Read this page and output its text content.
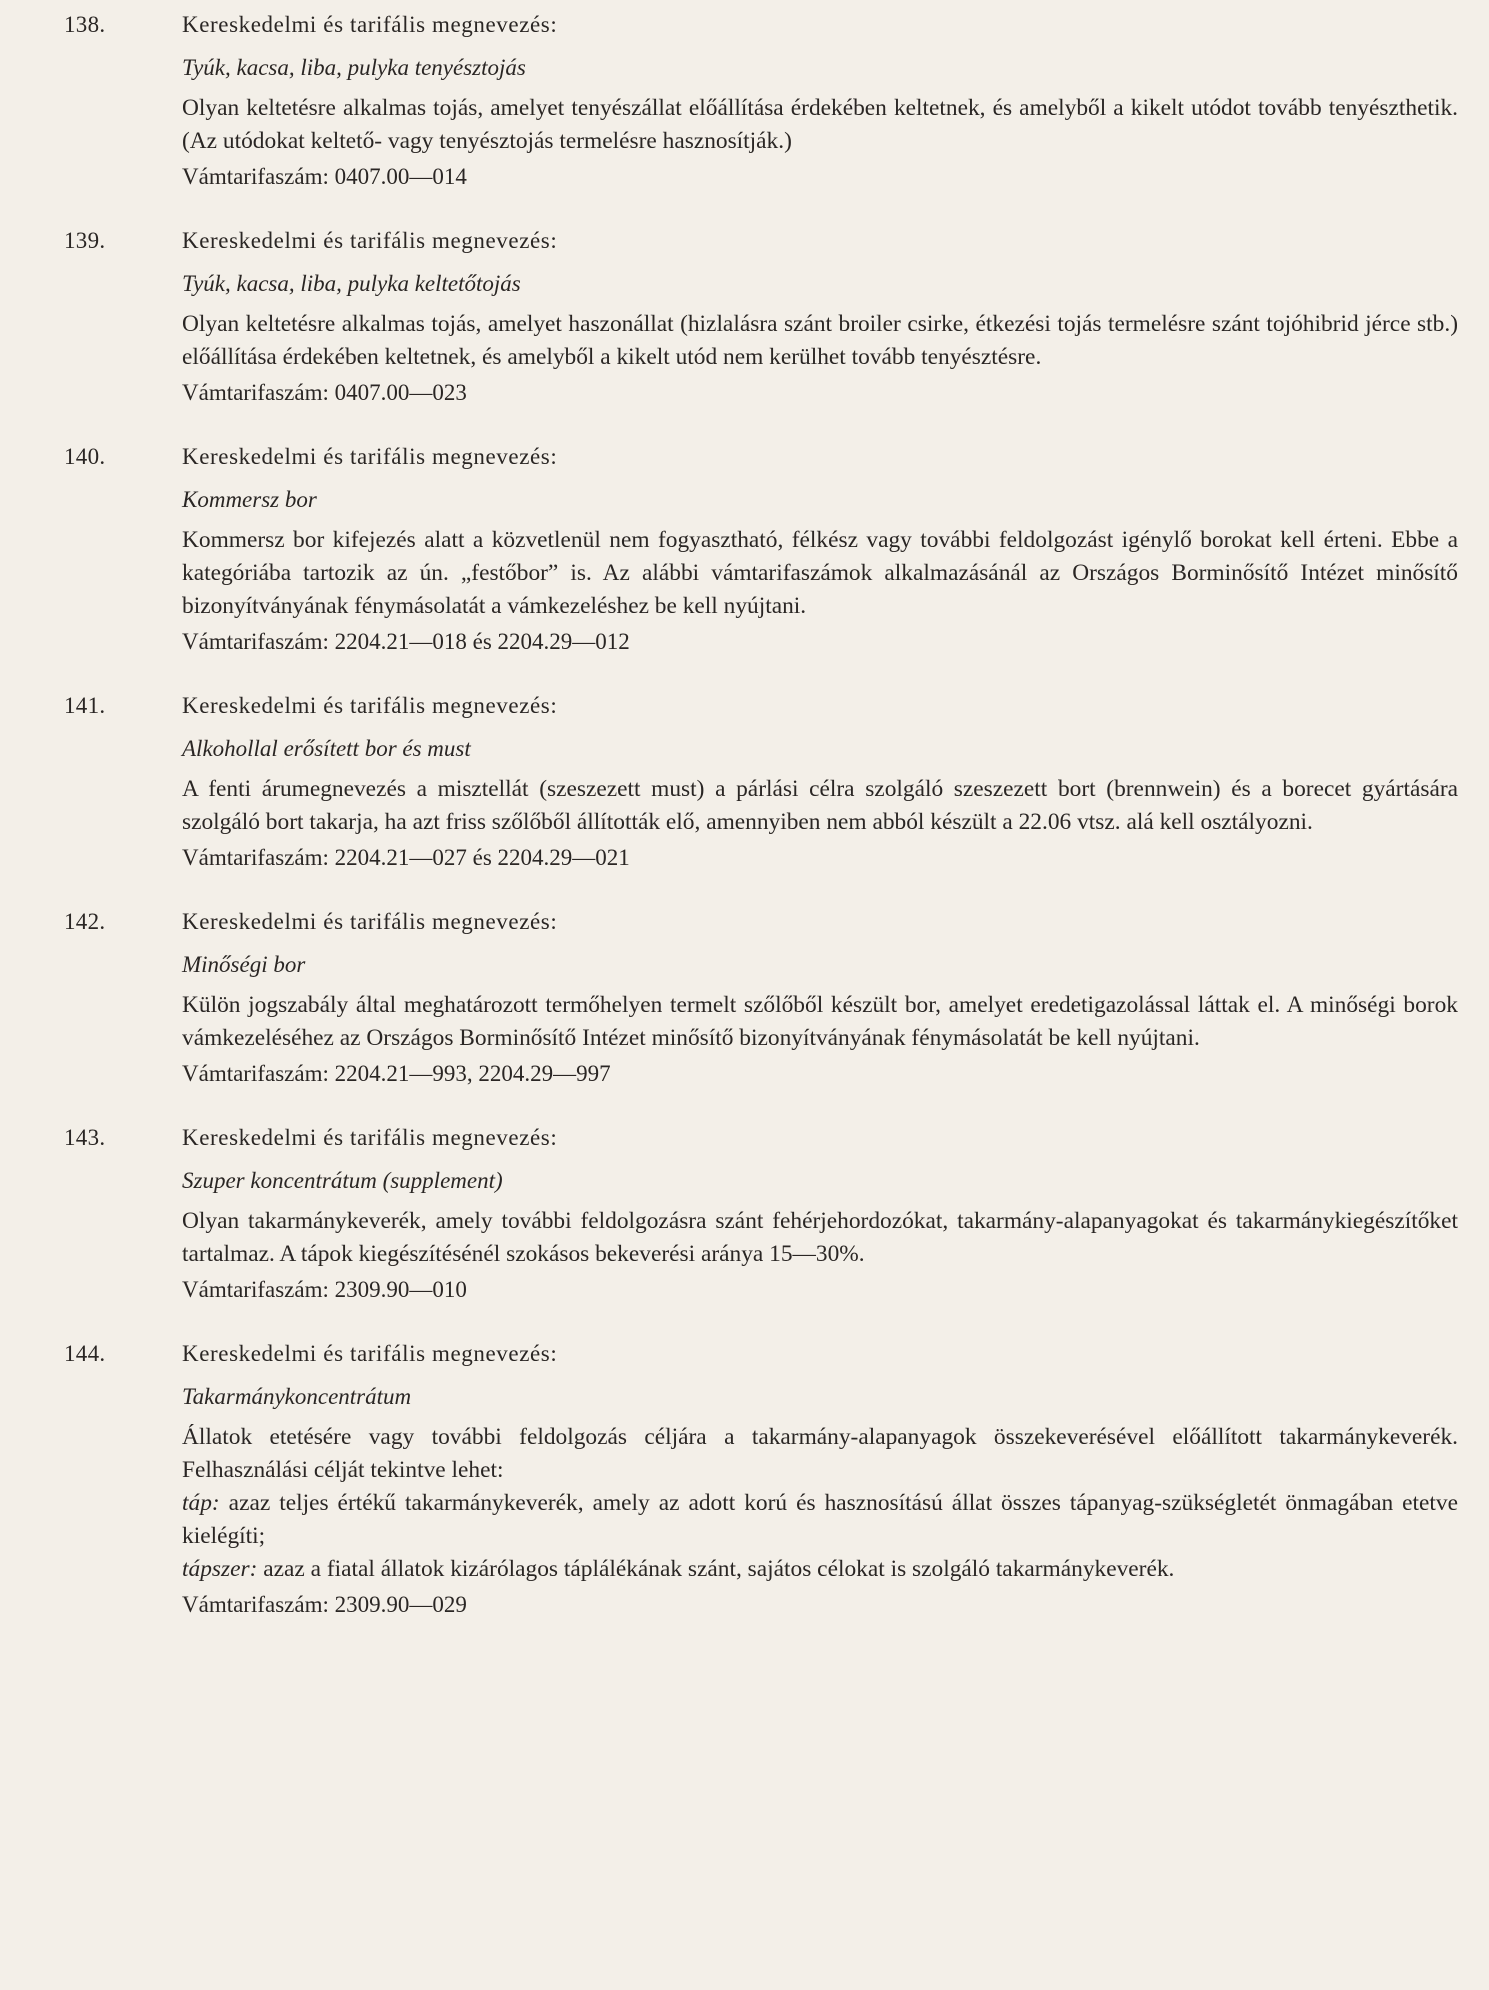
138.	Kereskedelmi és tarifális megnevezés:

Tyúk, kacsa, liba, pulyka tenyésztojás

Olyan keltetésre alkalmas tojás, amelyet tenyészállat előállítása érdekében keltetnek, és amelyből a kikelt utódot tovább tenyészthetik. (Az utódokat keltető- vagy tenyésztojás termelésre hasznosítják.)

Vámtarifaszám: 0407.00—014

139.	Kereskedelmi és tarifális megnevezés:

Tyúk, kacsa, liba, pulyka keltetőtojás

Olyan keltetésre alkalmas tojás, amelyet haszonállat (hizlalásra szánt broiler csirke, étkezési tojás termelésre szánt tojóhibrid jérce stb.) előállítása érdekében keltetnek, és amelyből a kikelt utód nem kerülhet tovább tenyésztésre.

Vámtarifaszám: 0407.00—023

140.	Kereskedelmi és tarifális megnevezés:

Kommersz bor

Kommersz bor kifejezés alatt a közvetlenül nem fogyasztható, félkész vagy további feldolgozást igénylő borokat kell érteni. Ebbe a kategóriába tartozik az ún. „festőbor” is. Az alábbi vámtarifaszámok alkalmazásánál az Országos Borminősítő Intézet minősítő bizonyítványának fénymásolatát a vámkezeléshez be kell nyújtani.

Vámtarifaszám: 2204.21—018 és 2204.29—012

141.	Kereskedelmi és tarifális megnevezés:

Alkohollal erősített bor és must

A fenti árumegnevezés a misztellát (szeszezett must) a párlási célra szolgáló szeszezett bort (brennwein) és a borecet gyártására szolgáló bort takarja, ha azt friss szőlőből állították elő, amennyiben nem abból készült a 22.06 vtsz. alá kell osztályozni.

Vámtarifaszám: 2204.21—027 és 2204.29—021

142.	Kereskedelmi és tarifális megnevezés:

Minőségi bor

Külön jogszabály által meghatározott termőhelyen termelt szőlőből készült bor, amelyet eredetigazolással láttak el. A minőségi borok vámkezeléséhez az Országos Borminősítő Intézet minősítő bizonyítványának fénymásolatát be kell nyújtani.

Vámtarifaszám: 2204.21—993, 2204.29—997

143.	Kereskedelmi és tarifális megnevezés:

Szuper koncentrátum (supplement)

Olyan takarmánykeverék, amely további feldolgozásra szánt fehérjehordozókat, takarmány-alapanyagokat és takarmánykiegészítőket tartalmaz. A tápok kiegészítésénél szokásos bekeverési aránya 15—30%.

Vámtarifaszám: 2309.90—010

144.	Kereskedelmi és tarifális megnevezés:

Takarmánykoncentrátum

Állatok etetésére vagy további feldolgozás céljára a takarmány-alapanyagok összekeverésével előállított takarmánykeverék. Felhasználási célját tekintve lehet:

táp: azaz teljes értékű takarmánykeverék, amely az adott korú és hasznosítású állat összes tápanyag-szükségletét önmagában etetve kielégíti;

tápszer: azaz a fiatal állatok kizárólagos táplálékának szánt, sajátos célokat is szolgáló takarmánykeverék.

Vámtarifaszám: 2309.90—029
